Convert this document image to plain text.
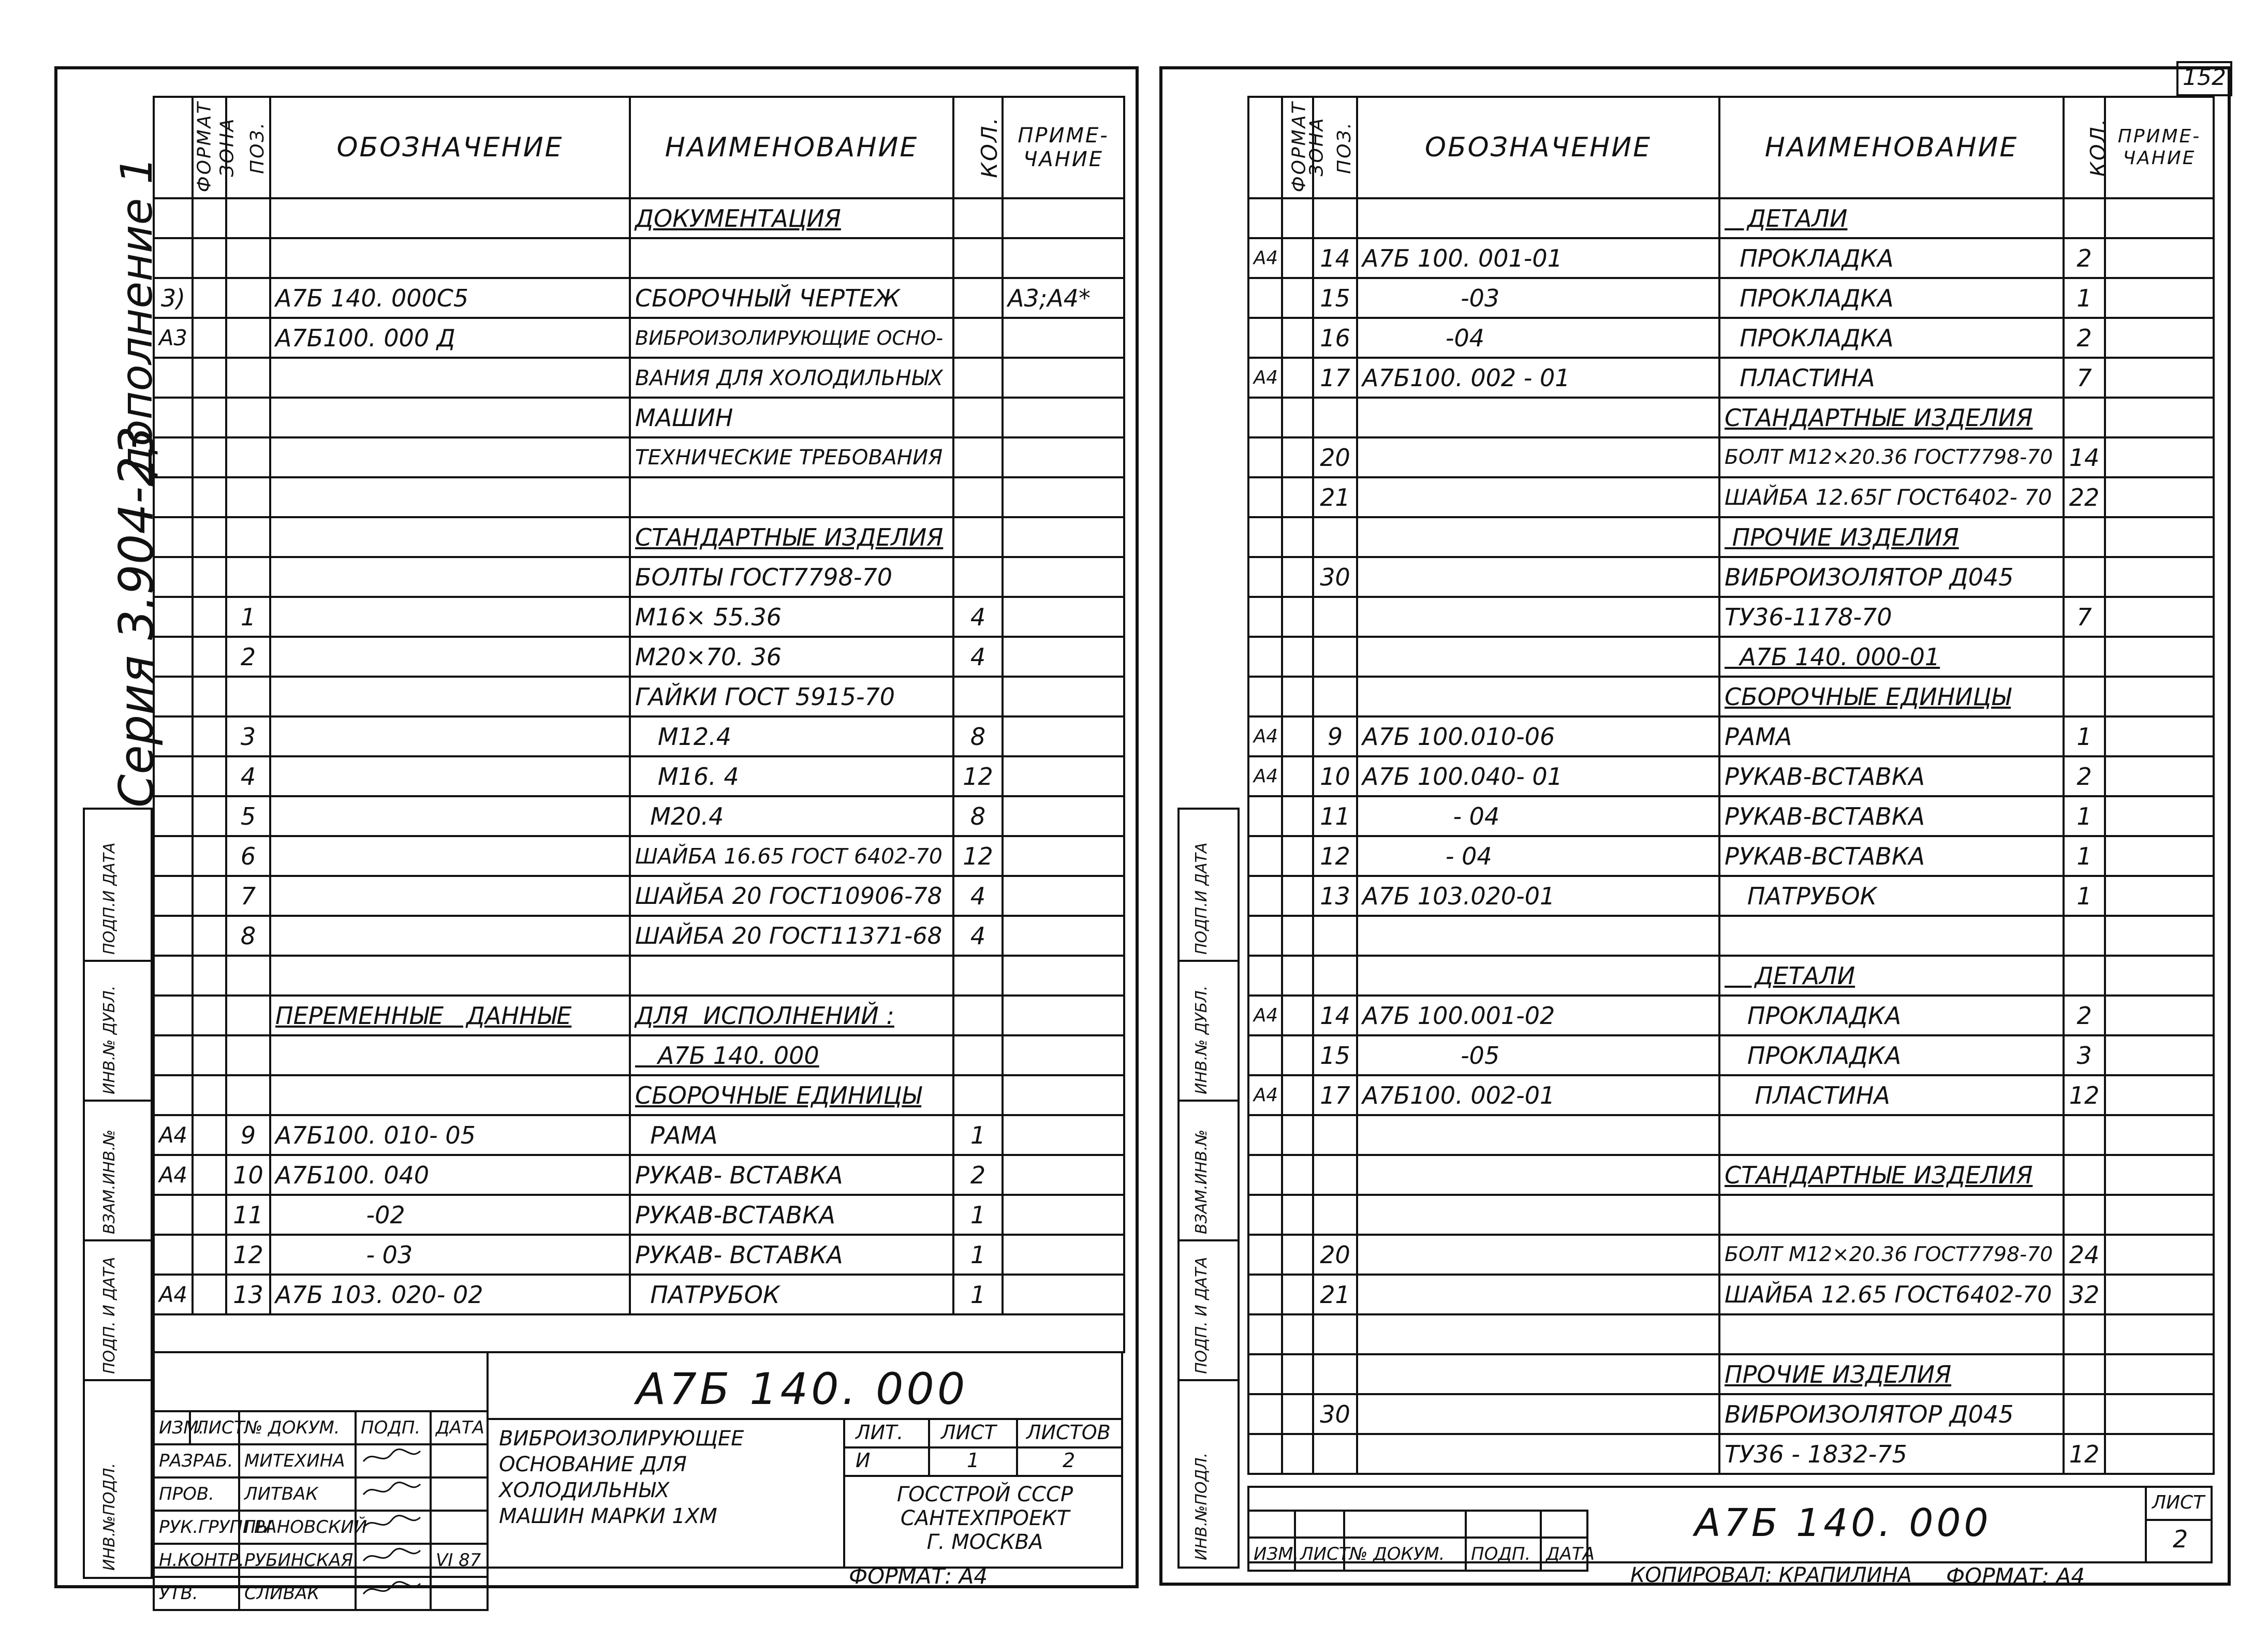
дополнение 1
Серия 3.904-23
ПОДП.И ДАТА
ИНВ.№ ДУБЛ.
ВЗАМ.ИНВ.№
ПОДП. И ДАТА
ИНВ.№ПОДЛ.
ФОРМАТ	ЗОНА	ПОЗ.	ОБОЗНАЧЕНИЕ	НАИМЕНОВАНИЕ	КОЛ.	ПРИМЕ-
ЧАНИЕ
				ДОКУМЕНТАЦИЯ		

3)			А7Б 140. 000С5	СБОРОЧНЫЙ ЧЕРТЕЖ		А3;А4*
А3			А7Б100. 000 Д	ВИБРОИЗОЛИРУЮЩИЕ ОСНО-		
				ВАНИЯ ДЛЯ ХОЛОДИЛЬНЫХ		
				МАШИН		
				ТЕХНИЧЕСКИЕ ТРЕБОВАНИЯ		

				СТАНДАРТНЫЕ ИЗДЕЛИЯ		
				БОЛТЫ ГОСТ7798-70		
		1		М16× 55.36	4	
		2		М20×70. 36	4	
				ГАЙКИ ГОСТ 5915-70		
		3		М12.4	8	
		4		М16. 4	12	
		5		М20.4	8	
		6		ШАЙБА 16.65 ГОСТ 6402-70	12	
		7		ШАЙБА 20 ГОСТ10906-78	4	
		8		ШАЙБА 20 ГОСТ11371-68	4	

			ПЕРЕМЕННЫЕ   ДАННЫЕ	ДЛЯ  ИСПОЛНЕНИЙ :		
				А7Б 140. 000		
				СБОРОЧНЫЕ ЕДИНИЦЫ		
А4		9	А7Б100. 010- 05	РАМА	1	
А4		10	А7Б100. 040	РУКАВ- ВСТАВКА	2	
		11	-02	РУКАВ-ВСТАВКА	1	
		12	- 03	РУКАВ- ВСТАВКА	1	
А4		13	А7Б 103. 020- 02	ПАТРУБОК	1	

ИЗМ.	ЛИСТ	№ ДОКУМ.	ПОДП.	ДАТА
РАЗРАБ.		МИТЕХИНА		
ПРОВ.		ЛИТВАК		
РУК.ГРУППЫ		ГРАНОВСКИЙ		
Н.КОНТР.		РУБИНСКАЯ		VI 87
УТВ.		СЛИВАК		
А7Б 140. 000
ВИБРОИЗОЛИРУЮЩЕЕ
ОСНОВАНИЕ ДЛЯ ХОЛОДИЛЬНЫХ
МАШИН МАРКИ 1ХМ
ЛИТ. ЛИСТ ЛИСТОВ
И	1	2
ГОССТРОЙ СССР
САНТЕХПРОЕКТ
Г. МОСКВА
ФОРМАТ: А4
152
ПОДП.И ДАТА
ИНВ.№ ДУБЛ.
ВЗАМ.ИНВ.№
ПОДП. И ДАТА
ИНВ.№ПОДЛ.
ФОРМАТ	ЗОНА	ПОЗ.	ОБОЗНАЧЕНИЕ	НАИМЕНОВАНИЕ	КОЛ.	ПРИМЕ-
ЧАНИЕ
				ДЕТАЛИ		
А4		14	А7Б 100. 001-01	ПРОКЛАДКА	2	
		15	-03	ПРОКЛАДКА	1	
		16	-04	ПРОКЛАДКА	2	
А4		17	А7Б100. 002 - 01	ПЛАСТИНА	7	
				СТАНДАРТНЫЕ ИЗДЕЛИЯ		
		20		БОЛТ М12×20.36 ГОСТ7798-70	14	
		21		ШАЙБА 12.65Г ГОСТ6402- 70	22	
				ПРОЧИЕ ИЗДЕЛИЯ		
		30		ВИБРОИЗОЛЯТОР Д045		
				ТУ36-1178-70	7	
				А7Б 140. 000-01		
				СБОРОЧНЫЕ ЕДИНИЦЫ		
А4		9	А7Б 100.010-06	РАМА	1	
А4		10	А7Б 100.040- 01	РУКАВ-ВСТАВКА	2	
		11	- 04	РУКАВ-ВСТАВКА	1	
		12	- 04	РУКАВ-ВСТАВКА	1	
		13	А7Б 103.020-01	ПАТРУБОК	1	

				ДЕТАЛИ		
А4		14	А7Б 100.001-02	ПРОКЛАДКА	2	
		15	-05	ПРОКЛАДКА	3	
А4		17	А7Б100. 002-01	ПЛАСТИНА	12	

				СТАНДАРТНЫЕ ИЗДЕЛИЯ		

		20		БОЛТ М12×20.36 ГОСТ7798-70	24	
		21		ШАЙБА 12.65 ГОСТ6402-70	32	

				ПРОЧИЕ ИЗДЕЛИЯ		
		30		ВИБРОИЗОЛЯТОР Д045		
				ТУ36 - 1832-75	12	

ИЗМ.	ЛИСТ	№ ДОКУМ.	ПОДП.	ДАТА
А7Б 140. 000	ЛИСТ
2
КОПИРОВАЛ: КРАПИЛИНА ФОРМАТ: А4
